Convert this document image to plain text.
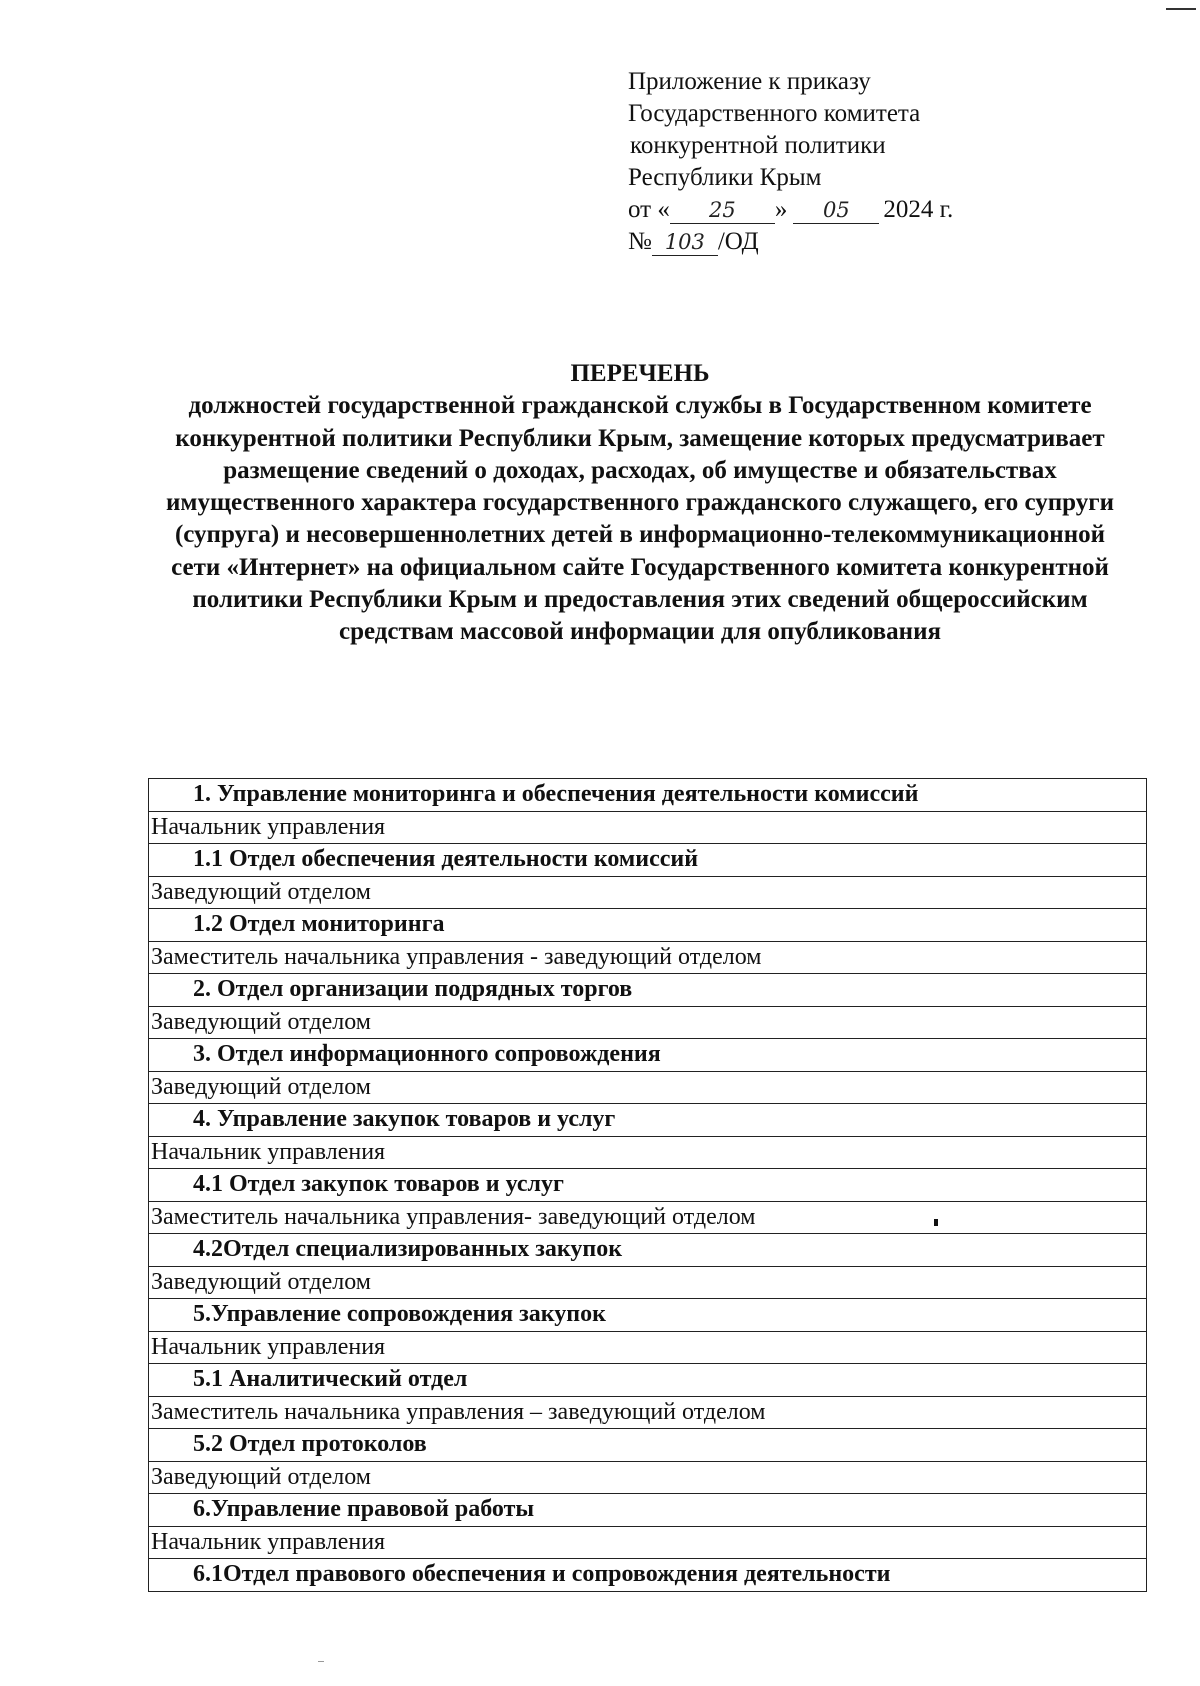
Приложение к приказу
Государственного комитета
конкурентной политики
Республики Крым
от « 25 » 05 2024 г.
№ 103 /ОД
ПЕРЕЧЕНЬ
должностей государственной гражданской службы в Государственном комитете конкурентной политики Республики Крым, замещение которых предусматривает размещение сведений о доходах, расходах, об имуществе и обязательствах имущественного характера государственного гражданского служащего, его супруги (супруга) и несовершеннолетних детей в информационно-телекоммуникационной сети «Интернет» на официальном сайте Государственного комитета конкурентной политики Республики Крым и предоставления этих сведений общероссийским средствам массовой информации для опубликования
1. Управление мониторинга и обеспечения деятельности комиссий
Начальник управления
1.1 Отдел обеспечения деятельности комиссий
Заведующий отделом
1.2 Отдел мониторинга
Заместитель начальника управления - заведующий отделом
2. Отдел организации подрядных торгов
Заведующий отделом
3. Отдел информационного сопровождения
Заведующий отделом
4. Управление закупок товаров и услуг
Начальник управления
4.1 Отдел закупок товаров и услуг
Заместитель начальника управления- заведующий отделом
4.2Отдел специализированных закупок
Заведующий отделом
5.Управление сопровождения закупок
Начальник управления
5.1 Аналитический отдел
Заместитель начальника управления – заведующий отделом
5.2 Отдел протоколов
Заведующий отделом
6.Управление правовой работы
Начальник управления
6.1Отдел правового обеспечения и сопровождения деятельности
